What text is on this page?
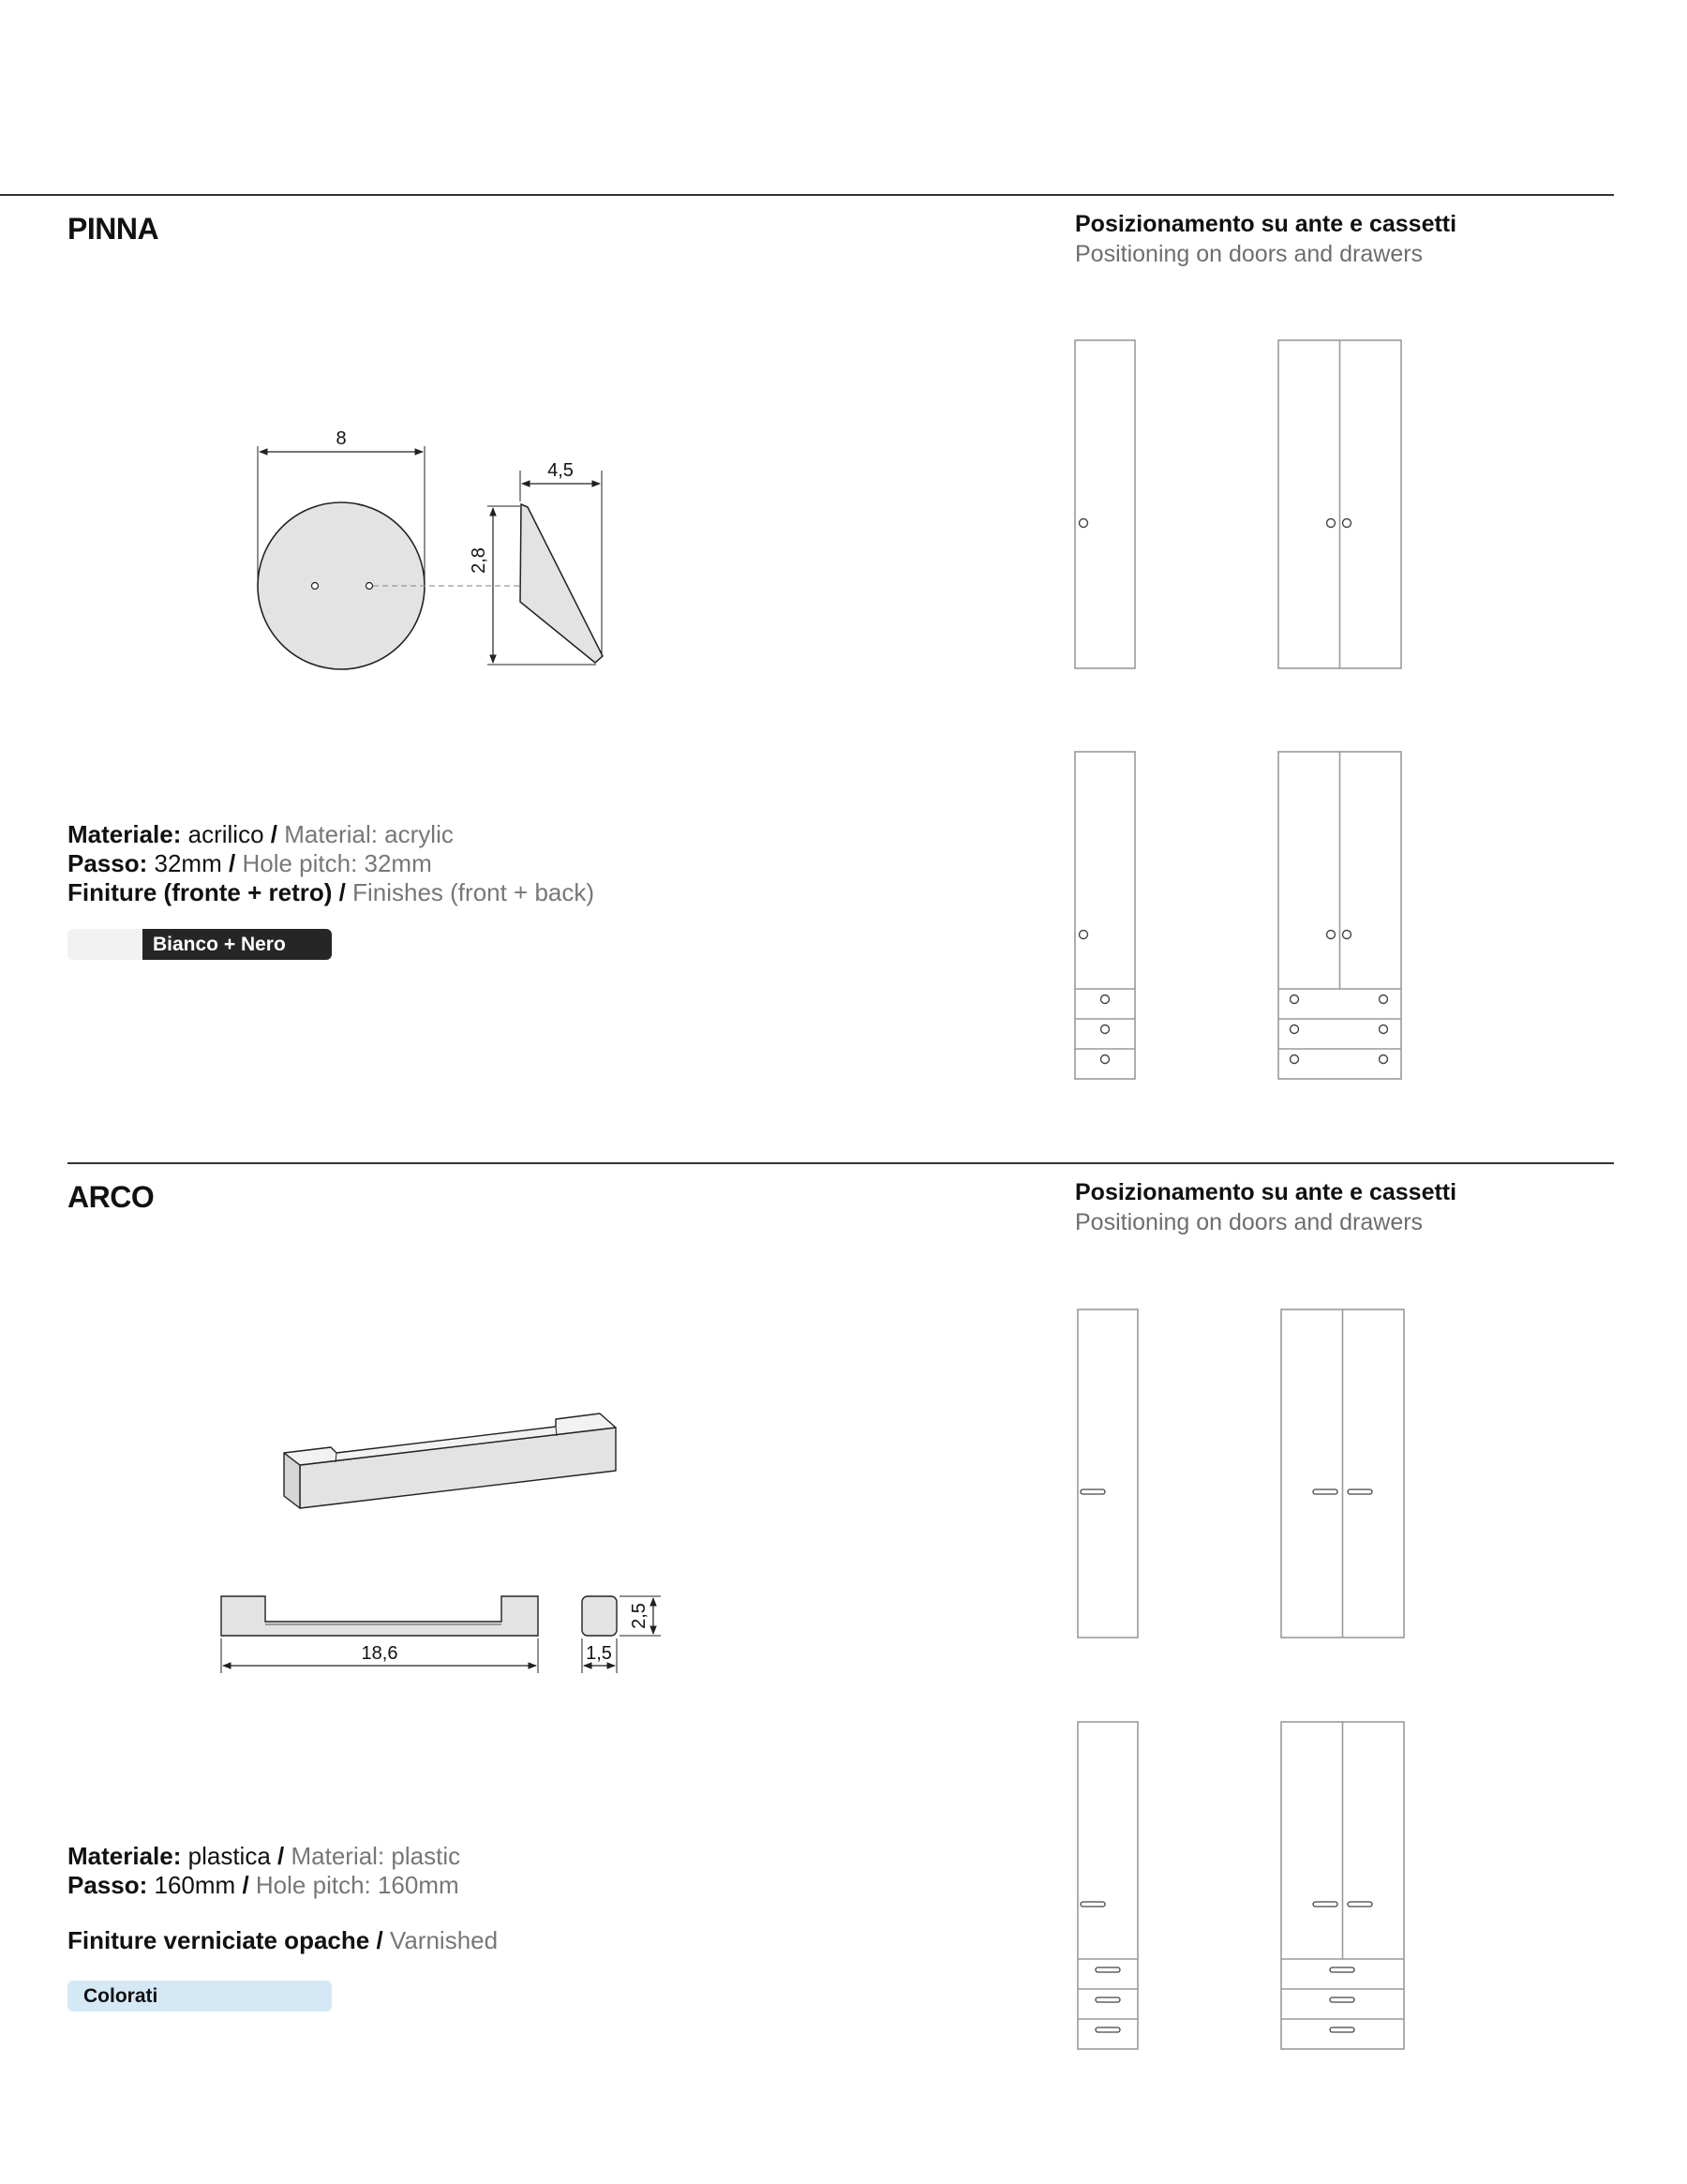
PINNA	Posizionamento su ante e cassetti
Positioning on doors and drawers
8
4,5
2,8
Materiale: acrilico / Material: acrylic
Passo: 32mm / Hole pitch: 32mm
Finiture (fronte + retro) / Finishes (front + back)
Bianco + Nero
ARCO	Posizionamento su ante e cassetti
Positioning on doors and drawers
18,6	1,5
2,5
Materiale: plastica / Material: plastic
Passo: 160mm / Hole pitch: 160mm
Finiture verniciate opache / Varnished
Colorati
